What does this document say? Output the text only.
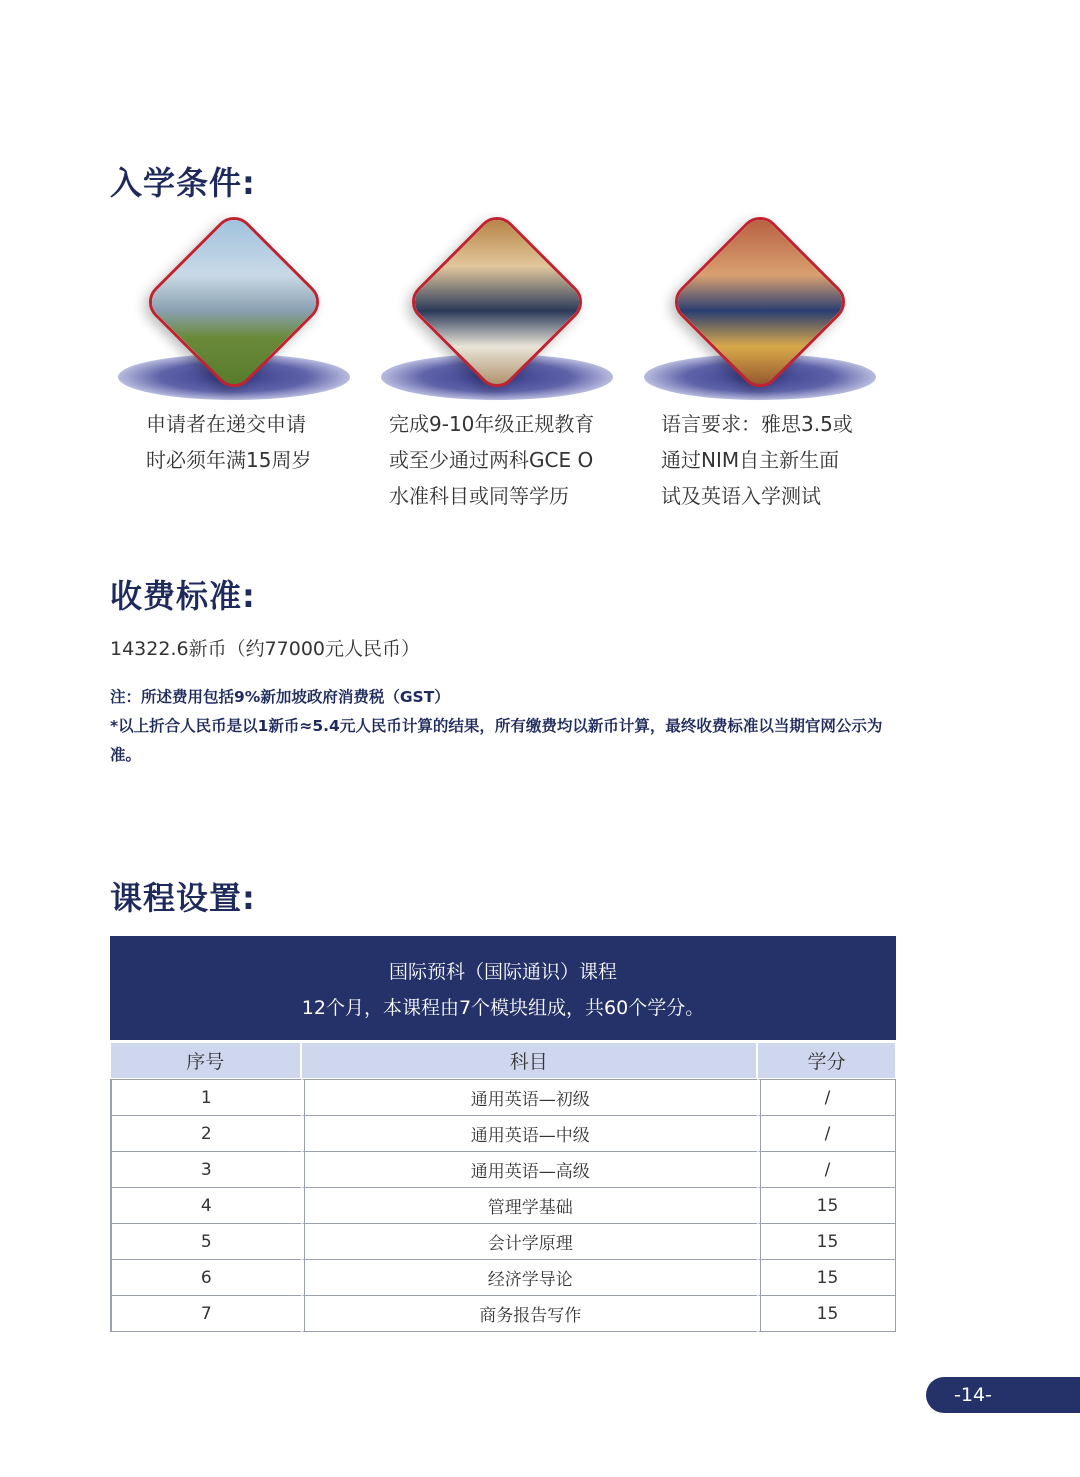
入学条件:

申请者在递交申请
时必须年满15周岁

完成9-10年级正规教育
或至少通过两科GCE O
水准科目或同等学历

语言要求：雅思3.5或
通过NIM自主新生面
试及英语入学测试

收费标准:

14322.6新币（约77000元人民币）

注：所述费用包括9%新加坡政府消费税（GST）
*以上折合人民币是以1新币≈5.4元人民币计算的结果，所有缴费均以新币计算，最终收费标准以当期官网公示为准。
课程设置:
国际预科（国际通识）课程
12个月，本课程由7个模块组成，共60个学分。
序号	科目	学分
1	通用英语—初级	/
2	通用英语—中级	/
3	通用英语—高级	/
4	管理学基础	15
5	会计学原理	15
6	经济学导论	15
7	商务报告写作	15
-14-
